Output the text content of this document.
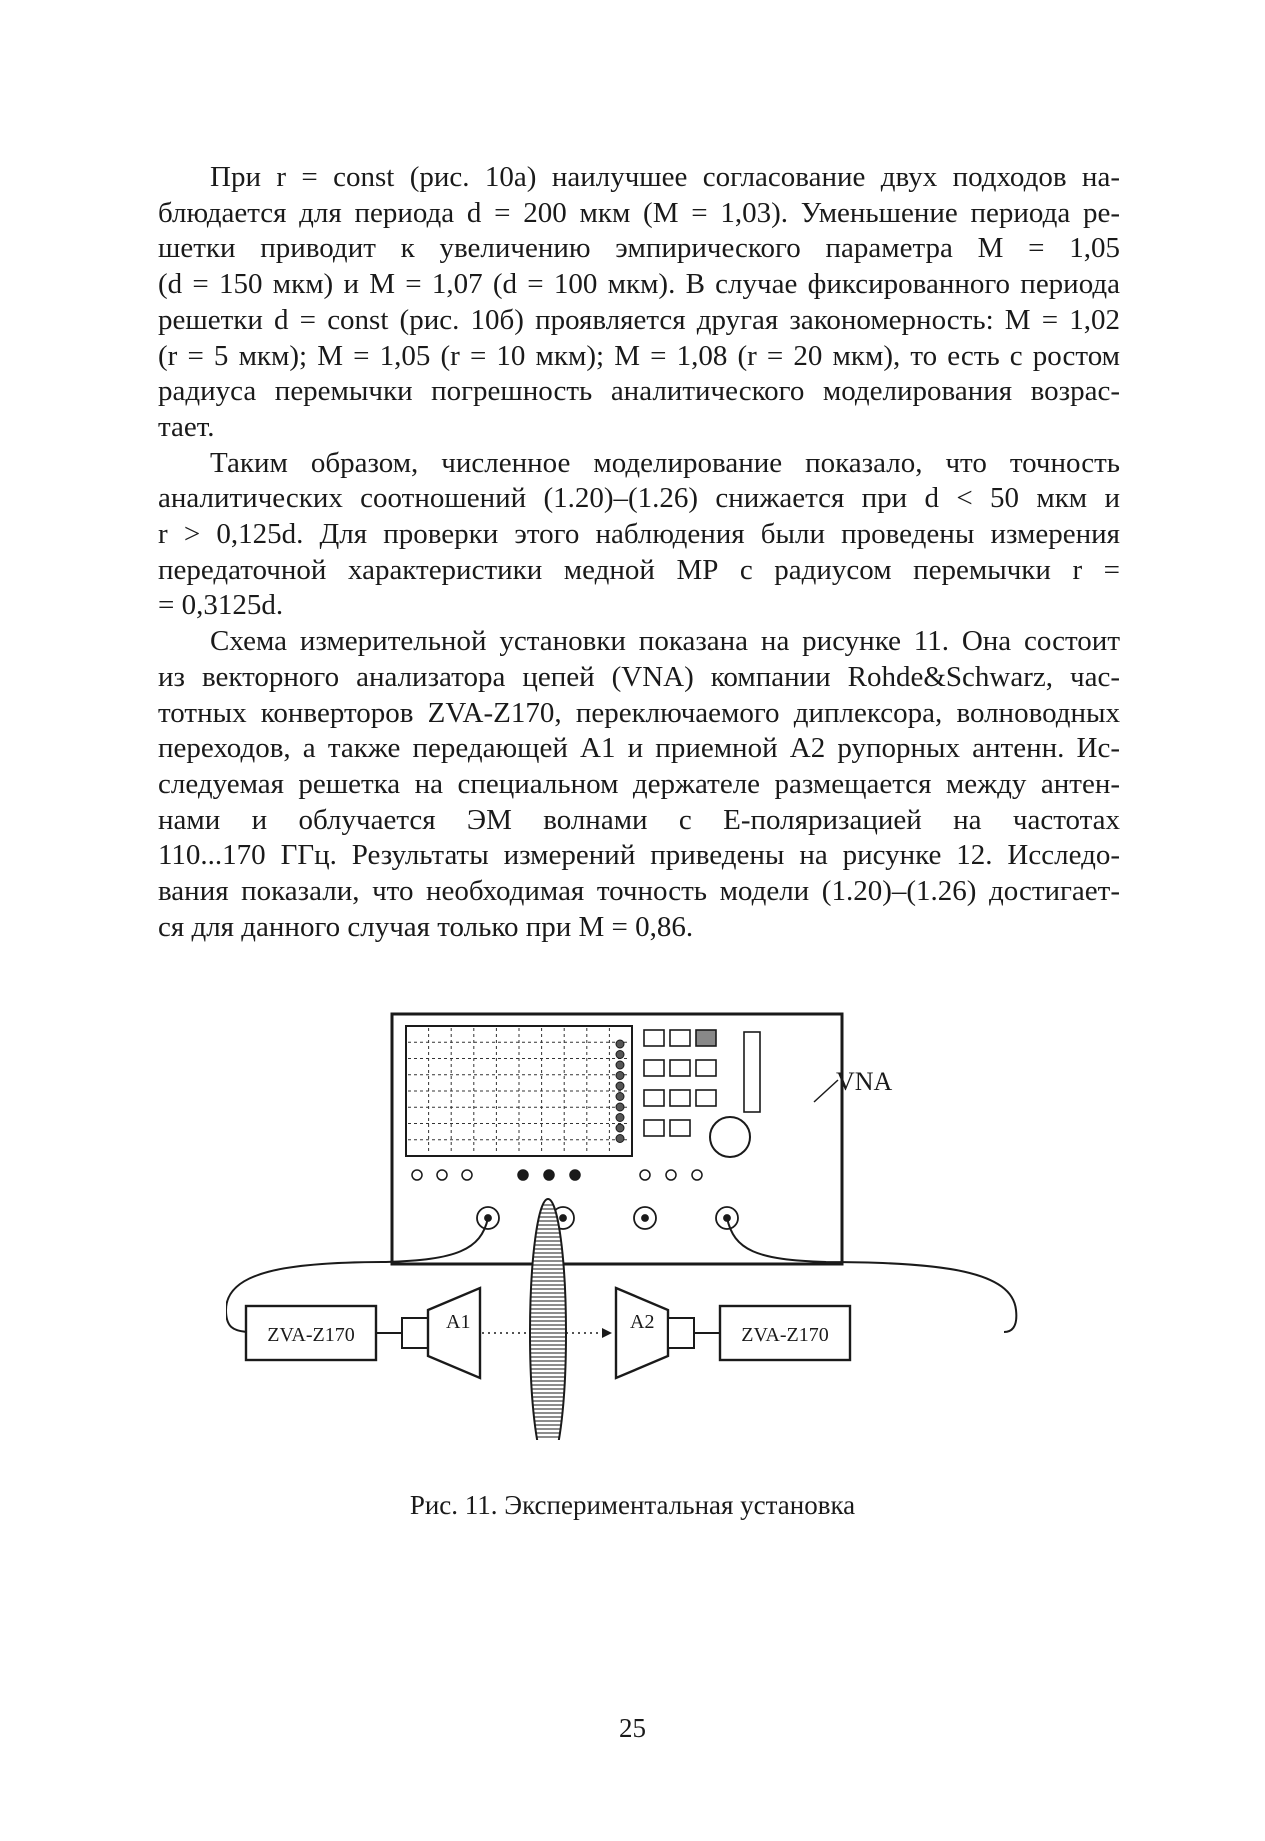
При r = const (рис. 10a) наилучшее согласование двух подходов на-
блюдается для периода d = 200 мкм (M = 1,03). Уменьшение периода ре-
шетки приводит к увеличению эмпирического параметра M = 1,05
(d = 150 мкм) и M = 1,07 (d = 100 мкм). В случае фиксированного периода
решетки d = const (рис. 10б) проявляется другая закономерность: M = 1,02
(r = 5 мкм); M = 1,05 (r = 10 мкм); M = 1,08 (r = 20 мкм), то есть с ростом
радиуса перемычки погрешность аналитического моделирования возрас-
тает.

Таким образом, численное моделирование показало, что точность
аналитических соотношений (1.20)–(1.26) снижается при d < 50 мкм и
r > 0,125d. Для проверки этого наблюдения были проведены измерения
передаточной характеристики медной МР с радиусом перемычки r =
= 0,3125d.

Схема измерительной установки показана на рисунке 11. Она состоит
из векторного анализатора цепей (VNA) компании Rohde&Schwarz, час-
тотных конверторов ZVA-Z170, переключаемого диплексора, волноводных
переходов, а также передающей A1 и приемной A2 рупорных антенн. Ис-
следуемая решетка на специальном держателе размещается между антен-
нами и облучается ЭМ волнами с E-поляризацией на частотах
110...170 ГГц. Результаты измерений приведены на рисунке 12. Исследо-
вания показали, что необходимая точность модели (1.20)–(1.26) достигает-
ся для данного случая только при M = 0,86.

VNA
ZVA-Z170
A1	A2
ZVA-Z170
Рис. 11. Экспериментальная установка
25
